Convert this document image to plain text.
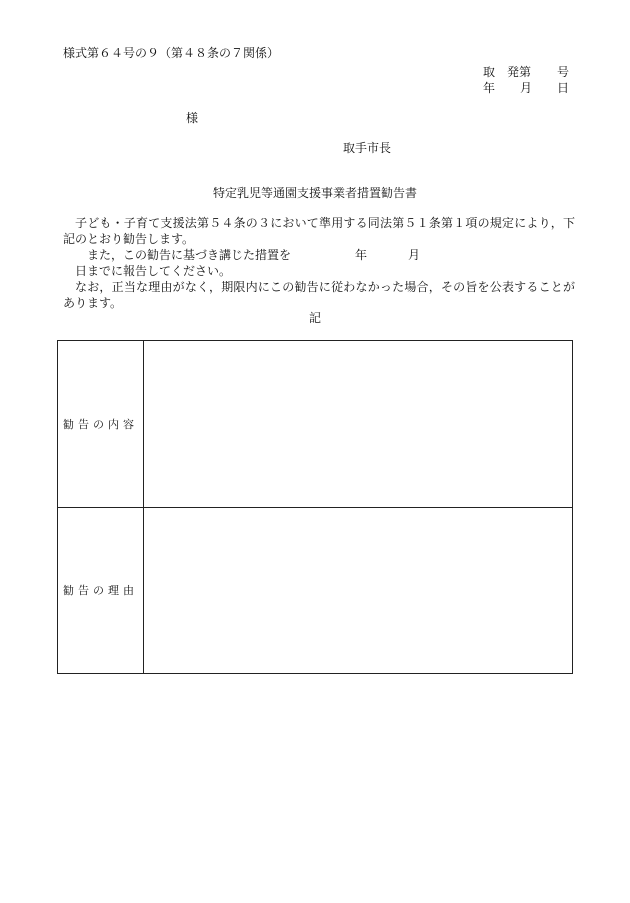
様式第６４号の９（第４８条の７関係）
取 発第 号
年 月 日
様
取手市長
特定乳児等通園支援事業者措置勧告書

子ども・子育て支援法第５４条の３において準用する同法第５１条第１項の規定により，下記のとおり勧告します。

また，この勧告に基づき講じた措置を	年	月日までに報告してください。

なお，正当な理由がなく，期限内にこの勧告に従わなかった場合，その旨を公表することがあります。

記
勧告の内容
勧告の理由
